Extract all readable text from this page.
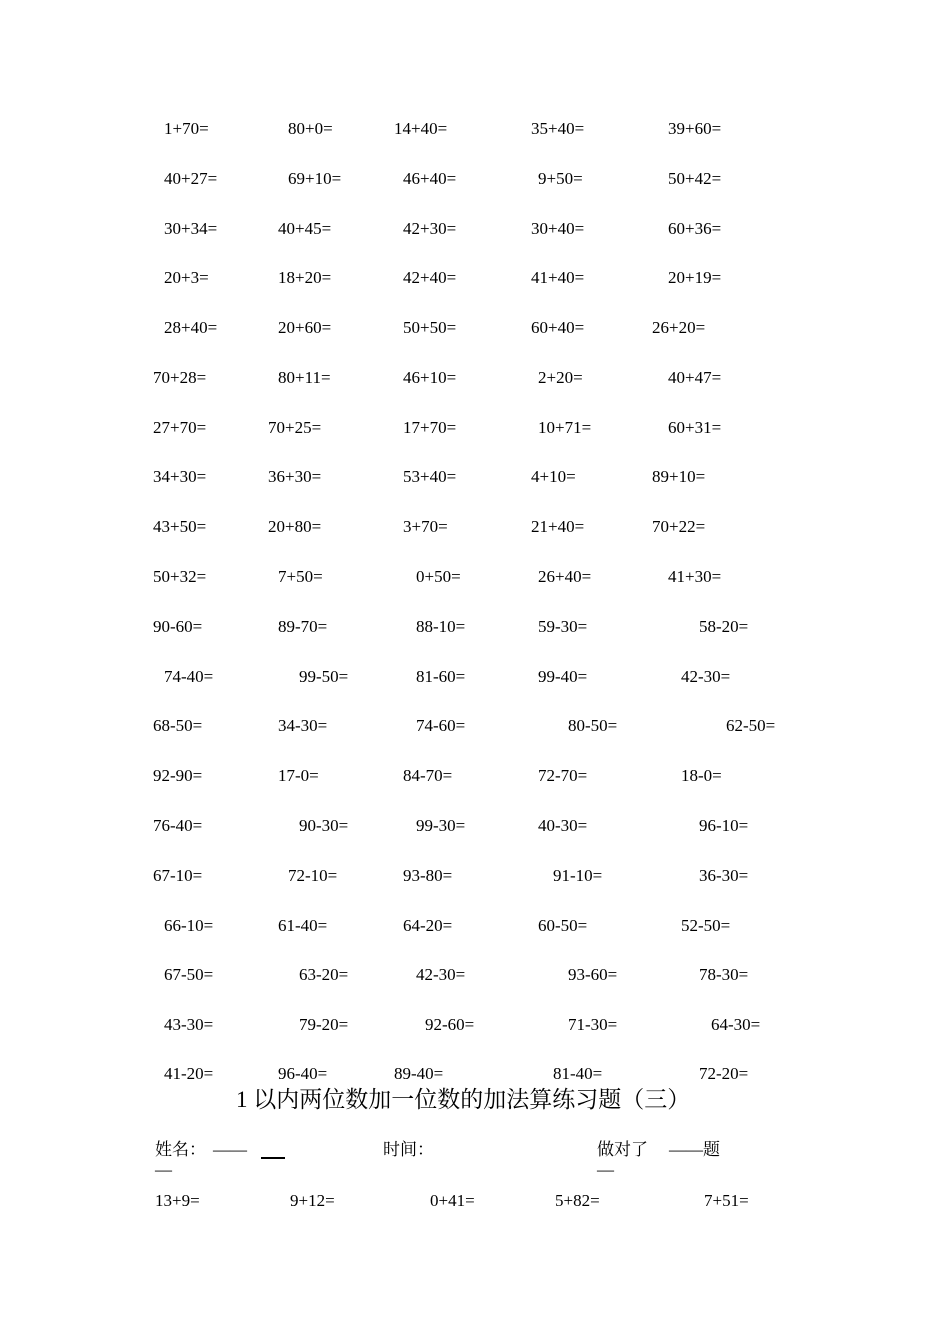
1+70=	80+0=	14+40=	35+40=	39+60=
40+27=	69+10=	46+40=	9+50=	50+42=
30+34=	40+45=	42+30=	30+40=	60+36=
20+3=	18+20=	42+40=	41+40=	20+19=
28+40=	20+60=	50+50=	60+40=	26+20=
70+28=	80+11=	46+10=	2+20=	40+47=
27+70=	70+25=	17+70=	10+71=	60+31=
34+30=	36+30=	53+40=	4+10=	89+10=
43+50=	20+80=	3+70=	21+40=	70+22=
50+32=	7+50=	0+50=	26+40=	41+30=
90-60=	89-70=	88-10=	59-30=	58-20=
74-40=	99-50=	81-60=	99-40=	42-30=
68-50=	34-30=	74-60=	80-50=	62-50=
92-90=	17-0=	84-70=	72-70=	18-0=
76-40=	90-30=	99-30=	40-30=	96-10=
67-10=	72-10=	93-80=	91-10=	36-30=
66-10=	61-40=	64-20=	60-50=	52-50=
67-50=	63-20=	42-30=	93-60=	78-30=
43-30=	79-20=	92-60=	71-30=	64-30=
41-20=	96-40=	89-40=	81-40=	72-20=
1 以内两位数加一位数的加法算练习题（三）
姓名： ——
—
时间：	做对了 ——题
—
13+9=	9+12=	0+41=	5+82=	7+51=
